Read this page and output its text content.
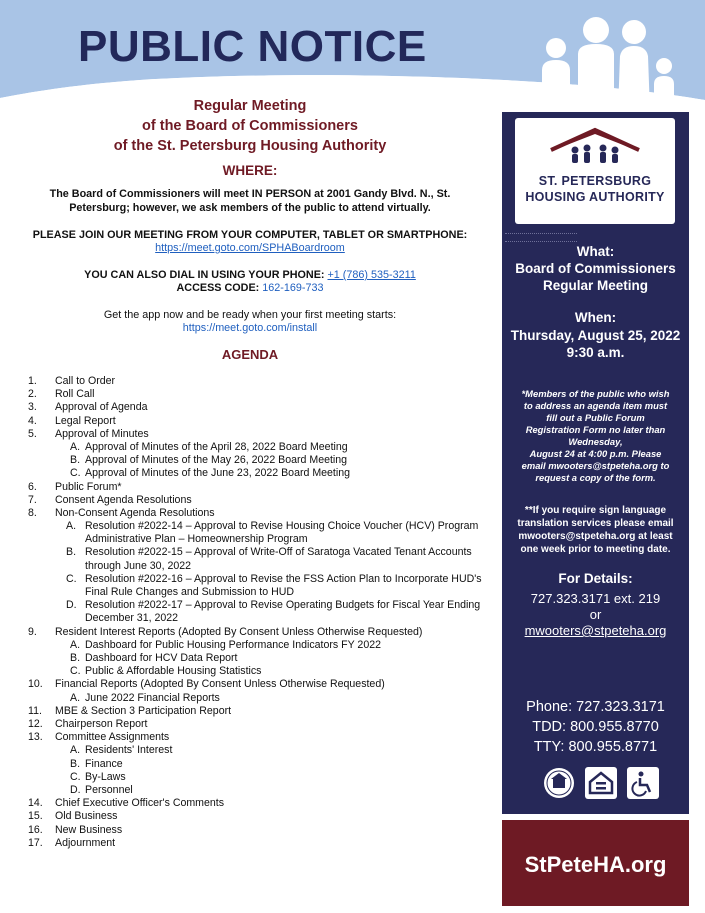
PUBLIC NOTICE
Regular Meeting
of the Board of Commissioners
of the St. Petersburg Housing Authority
WHERE:
The Board of Commissioners will meet IN PERSON at 2001 Gandy Blvd. N., St.
Petersburg; however, we ask members of the public to attend virtually.
PLEASE JOIN OUR MEETING FROM YOUR COMPUTER, TABLET OR SMARTPHONE:
https://meet.goto.com/SPHABoardroom
YOU CAN ALSO DIAL IN USING YOUR PHONE: +1 (786) 535-3211
ACCESS CODE: 162-169-733
Get the app now and be ready when your first meeting starts:
https://meet.goto.com/install
AGENDA
1.	Call to Order
2.	Roll Call
3.	Approval of Agenda
4.	Legal Report
5.	Approval of Minutes
A. Approval of Minutes of the April 28, 2022 Board Meeting
B. Approval of Minutes of the May 26, 2022 Board Meeting
C. Approval of Minutes of the June 23, 2022 Board Meeting
6.	Public Forum*
7.	Consent Agenda Resolutions
8.	Non-Consent Agenda Resolutions
A. Resolution #2022-14 – Approval to Revise Housing Choice Voucher (HCV) Program Administrative Plan – Homeownership Program
B. Resolution #2022-15 – Approval of Write-Off of Saratoga Vacated Tenant Accounts through June 30, 2022
C. Resolution #2022-16 – Approval to Revise the FSS Action Plan to Incorporate HUD's Final Rule Changes and Submission to HUD
D. Resolution #2022-17 – Approval to Revise Operating Budgets for Fiscal Year Ending December 31, 2022
9.	Resident Interest Reports (Adopted By Consent Unless Otherwise Requested)
A. Dashboard for Public Housing Performance Indicators FY 2022
B. Dashboard for HCV Data Report
C. Public & Affordable Housing Statistics
10.	Financial Reports (Adopted By Consent Unless Otherwise Requested)
A. June 2022 Financial Reports
11.	MBE & Section 3 Participation Report
12.	Chairperson Report
13.	Committee Assignments
A. Residents' Interest
B. Finance
C. By-Laws
D. Personnel
14.	Chief Executive Officer's Comments
15.	Old Business
16.	New Business
17.	Adjournment
ST. PETERSBURG
HOUSING AUTHORITY
What:
Board of Commissioners
Regular Meeting
When:
Thursday, August 25, 2022
9:30 a.m.
*Members of the public who wish
to address an agenda item must
fill out a Public Forum
Registration Form no later than
Wednesday,
August 24 at 4:00 p.m. Please
email mwooters@stpeteha.org to
request a copy of the form.
**If you require sign language
translation services please email
mwooters@stpeteha.org at least
one week prior to meeting date.
For Details:
727.323.3171 ext. 219
or
mwooters@stpeteha.org
Phone: 727.323.3171
TDD: 800.955.8770
TTY: 800.955.8771
StPeteHA.org
